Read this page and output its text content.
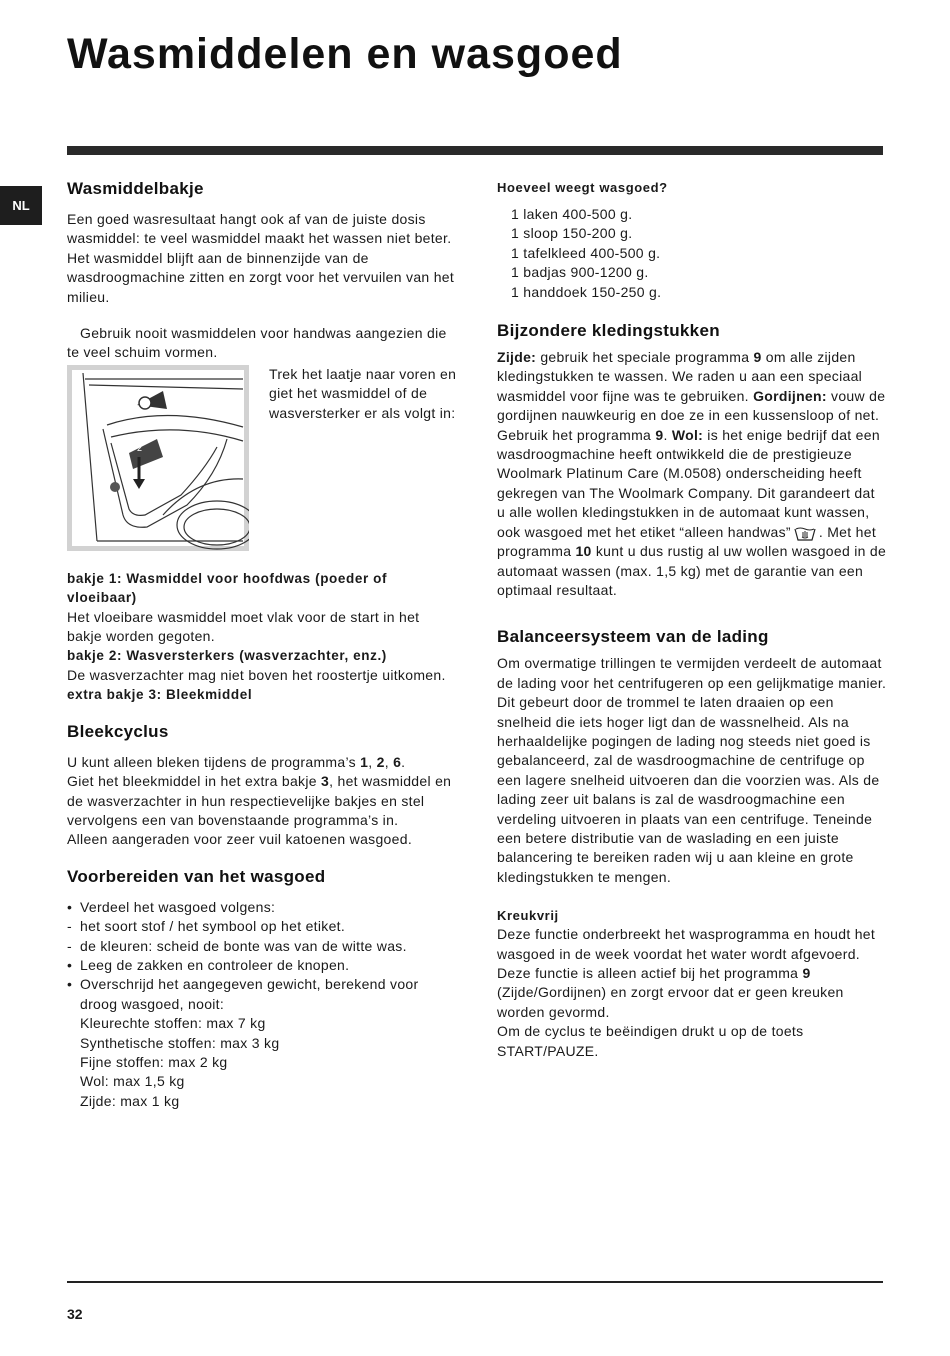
Wasmiddelen en wasgoed
NL
Wasmiddelbakje

Een goed wasresultaat hangt ook af van de juiste dosis wasmiddel: te veel wasmiddel maakt het wassen niet beter. Het wasmiddel blijft aan de binnenzijde van de wasdroogmachine zitten en zorgt voor het vervuilen van het milieu.

Gebruik nooit wasmiddelen voor handwas aangezien die te veel schuim vormen.

2

Trek het laatje naar voren en giet het wasmiddel of de wasversterker er als volgt in:

bakje 1: Wasmiddel voor hoofdwas (poeder of vloeibaar)

Het vloeibare wasmiddel moet vlak voor de start in het bakje worden gegoten.

bakje 2: Wasversterkers (wasverzachter, enz.)

De wasverzachter mag niet boven het roostertje uitkomen.

extra bakje 3: Bleekmiddel

Bleekcyclus

U kunt alleen bleken tijdens de programma’s 1, 2, 6.
Giet het bleekmiddel in het extra bakje 3, het wasmiddel en de wasverzachter in hun respectievelijke bakjes en stel vervolgens een van bovenstaande programma’s in.

Alleen aangeraden voor zeer vuil katoenen wasgoed.

Voorbereiden van het wasgoed
• Verdeel het wasgoed volgens:
- het soort stof / het symbool op het etiket.
- de kleuren: scheid de bonte was van de witte was.
• Leeg de zakken en controleer de knopen.
• Overschrijd het aangegeven gewicht, berekend voor droog wasgoed, nooit:

Kleurechte stoffen: max 7 kg

Synthetische stoffen: max 3 kg

Fijne stoffen: max 2 kg

Wol: max 1,5 kg

Zijde: max 1 kg

Hoeveel weegt wasgoed?

1 laken 400-500 g.

1 sloop 150-200 g.

1 tafelkleed 400-500 g.

1 badjas 900-1200 g.

1 handdoek 150-250 g.

Bijzondere kledingstukken

Zijde: gebruik het speciale programma 9 om alle zijden kledingstukken te wassen. We raden u aan een speciaal wasmiddel voor fijne was te gebruiken. Gordijnen: vouw de gordijnen nauwkeurig en doe ze in een kussensloop of net. Gebruik het programma 9. Wol: is het enige bedrijf dat een wasdroogmachine heeft ontwikkeld die de prestigieuze Woolmark Platinum Care (M.0508) onderscheiding heeft gekregen van The Woolmark Company. Dit garandeert dat u alle wollen kledingstukken in de automaat kunt wassen, ook wasgoed met het etiket “alleen handwas” . Met het programma 10 kunt u dus rustig al uw wollen wasgoed in de automaat wassen (max. 1,5 kg) met de garantie van een optimaal resultaat.

Balanceersysteem van de lading

Om overmatige trillingen te vermijden verdeelt de automaat de lading voor het centrifugeren op een gelijkmatige manier. Dit gebeurt door de trommel te laten draaien op een snelheid die iets hoger ligt dan de wassnelheid. Als na herhaaldelijke pogingen de lading nog steeds niet goed is gebalanceerd, zal de wasdroogmachine de centrifuge op een lagere snelheid uitvoeren dan die voorzien was. Als de lading zeer uit balans is zal de wasdroogmachine een verdeling uitvoeren in plaats van een centrifuge. Teneinde een betere distributie van de waslading en een juiste balancering te bereiken raden wij u aan kleine en grote kledingstukken te mengen.

Kreukvrij

Deze functie onderbreekt het wasprogramma en houdt het wasgoed in de week voordat het water wordt afgevoerd.

Deze functie is alleen actief bij het programma 9 (Zijde/Gordijnen) en zorgt ervoor dat er geen kreuken worden gevormd.

Om de cyclus te beëindigen drukt u op de toets START/PAUZE.

32
